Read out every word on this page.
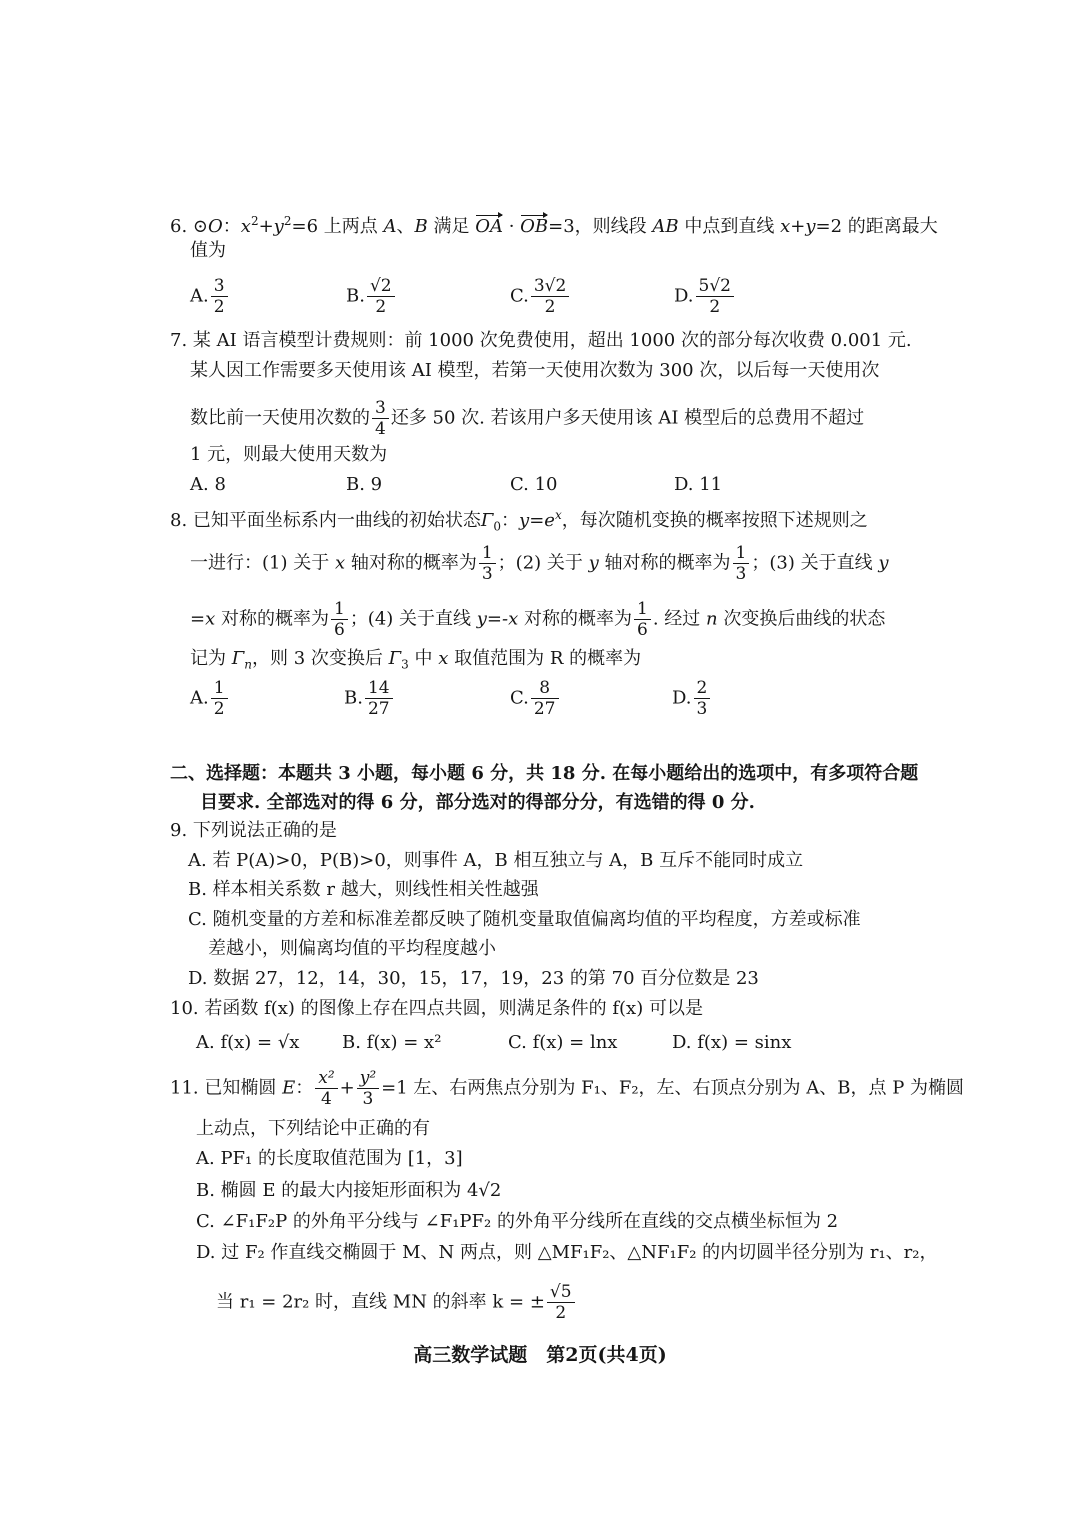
6. ⊙O：$x^2+y^2=6$ 上两点 A、B 满足 OA · OB=3，则线段 AB 中点到直线 x+y=2 的距离最大
值为
A. $\frac{3}{2}$	B. $\frac{√2}{2}$	C. $\frac{3√2}{2}$	D. $\frac{5√2}{2}$
7. 某 AI 语言模型计费规则：前 1000 次免费使用，超出 1000 次的部分每次收费 0.001 元.
某人因工作需要多天使用该 AI 模型，若第一天使用次数为 300 次，以后每一天使用次
数比前一天使用次数的 $\frac{3}{4}$ 还多 50 次. 若该用户多天使用该 AI 模型后的总费用不超过
1 元，则最大使用天数为
A. 8	B. 9	C. 10	D. 11
8. 已知平面坐标系内一曲线的初始状态$\Gamma_0$：$y=e^x$，每次随机变换的概率按照下述规则之
一进行：(1) 关于 x 轴对称的概率为 $\frac{1}{3}$ ；(2) 关于 y 轴对称的概率为 $\frac{1}{3}$ ；(3) 关于直线 y
=x 对称的概率为 $\frac{1}{6}$ ；(4) 关于直线 y=-x 对称的概率为 $\frac{1}{6}$ . 经过 n 次变换后曲线的状态
记为 $\Gamma_n$，则 3 次变换后 $\Gamma_3$ 中 x 取值范围为 R 的概率为
A. $\frac{1}{2}$	B. $\frac{14}{27}$	C. $\frac{8}{27}$	D. $\frac{2}{3}$
二、选择题：本题共 3 小题，每小题 6 分，共 18 分. 在每小题给出的选项中，有多项符合题
目要求. 全部选对的得 6 分，部分选对的得部分分，有选错的得 0 分.
9. 下列说法正确的是
A. 若 P(A)>0，P(B)>0，则事件 A，B 相互独立与 A，B 互斥不能同时成立
B. 样本相关系数 r 越大，则线性相关性越强
C. 随机变量的方差和标准差都反映了随机变量取值偏离均值的平均程度，方差或标准
差越小，则偏离均值的平均程度越小
D. 数据 27，12，14，30，15，17，19，23 的第 70 百分位数是 23
10. 若函数 f(x) 的图像上存在四点共圆，则满足条件的 f(x) 可以是
A. f(x) = √x B. f(x) = x²	C. f(x) = lnx	D. f(x) = sinx
11. 已知椭圆 E： $\frac{\text{x²}}{4} + \frac{\text{y²}}{3} =1$ 左、右两焦点分别为 F₁、F₂，左、右顶点分别为 A、B，点 P 为椭圆
上动点，下列结论中正确的有
A. PF₁ 的长度取值范围为 [1，3]
B. 椭圆 E 的最大内接矩形面积为 4√2
C. ∠F₁F₂P 的外角平分线与 ∠F₁PF₂ 的外角平分线所在直线的交点横坐标恒为 2
D. 过 F₂ 作直线交椭圆于 M、N 两点，则 △MF₁F₂、△NF₁F₂ 的内切圆半径分别为 r₁、r₂，
当 r₁ = 2r₂ 时，直线 MN 的斜率 k = ± $\frac{√5}{2}$
高三数学试题　第2页(共4页)
